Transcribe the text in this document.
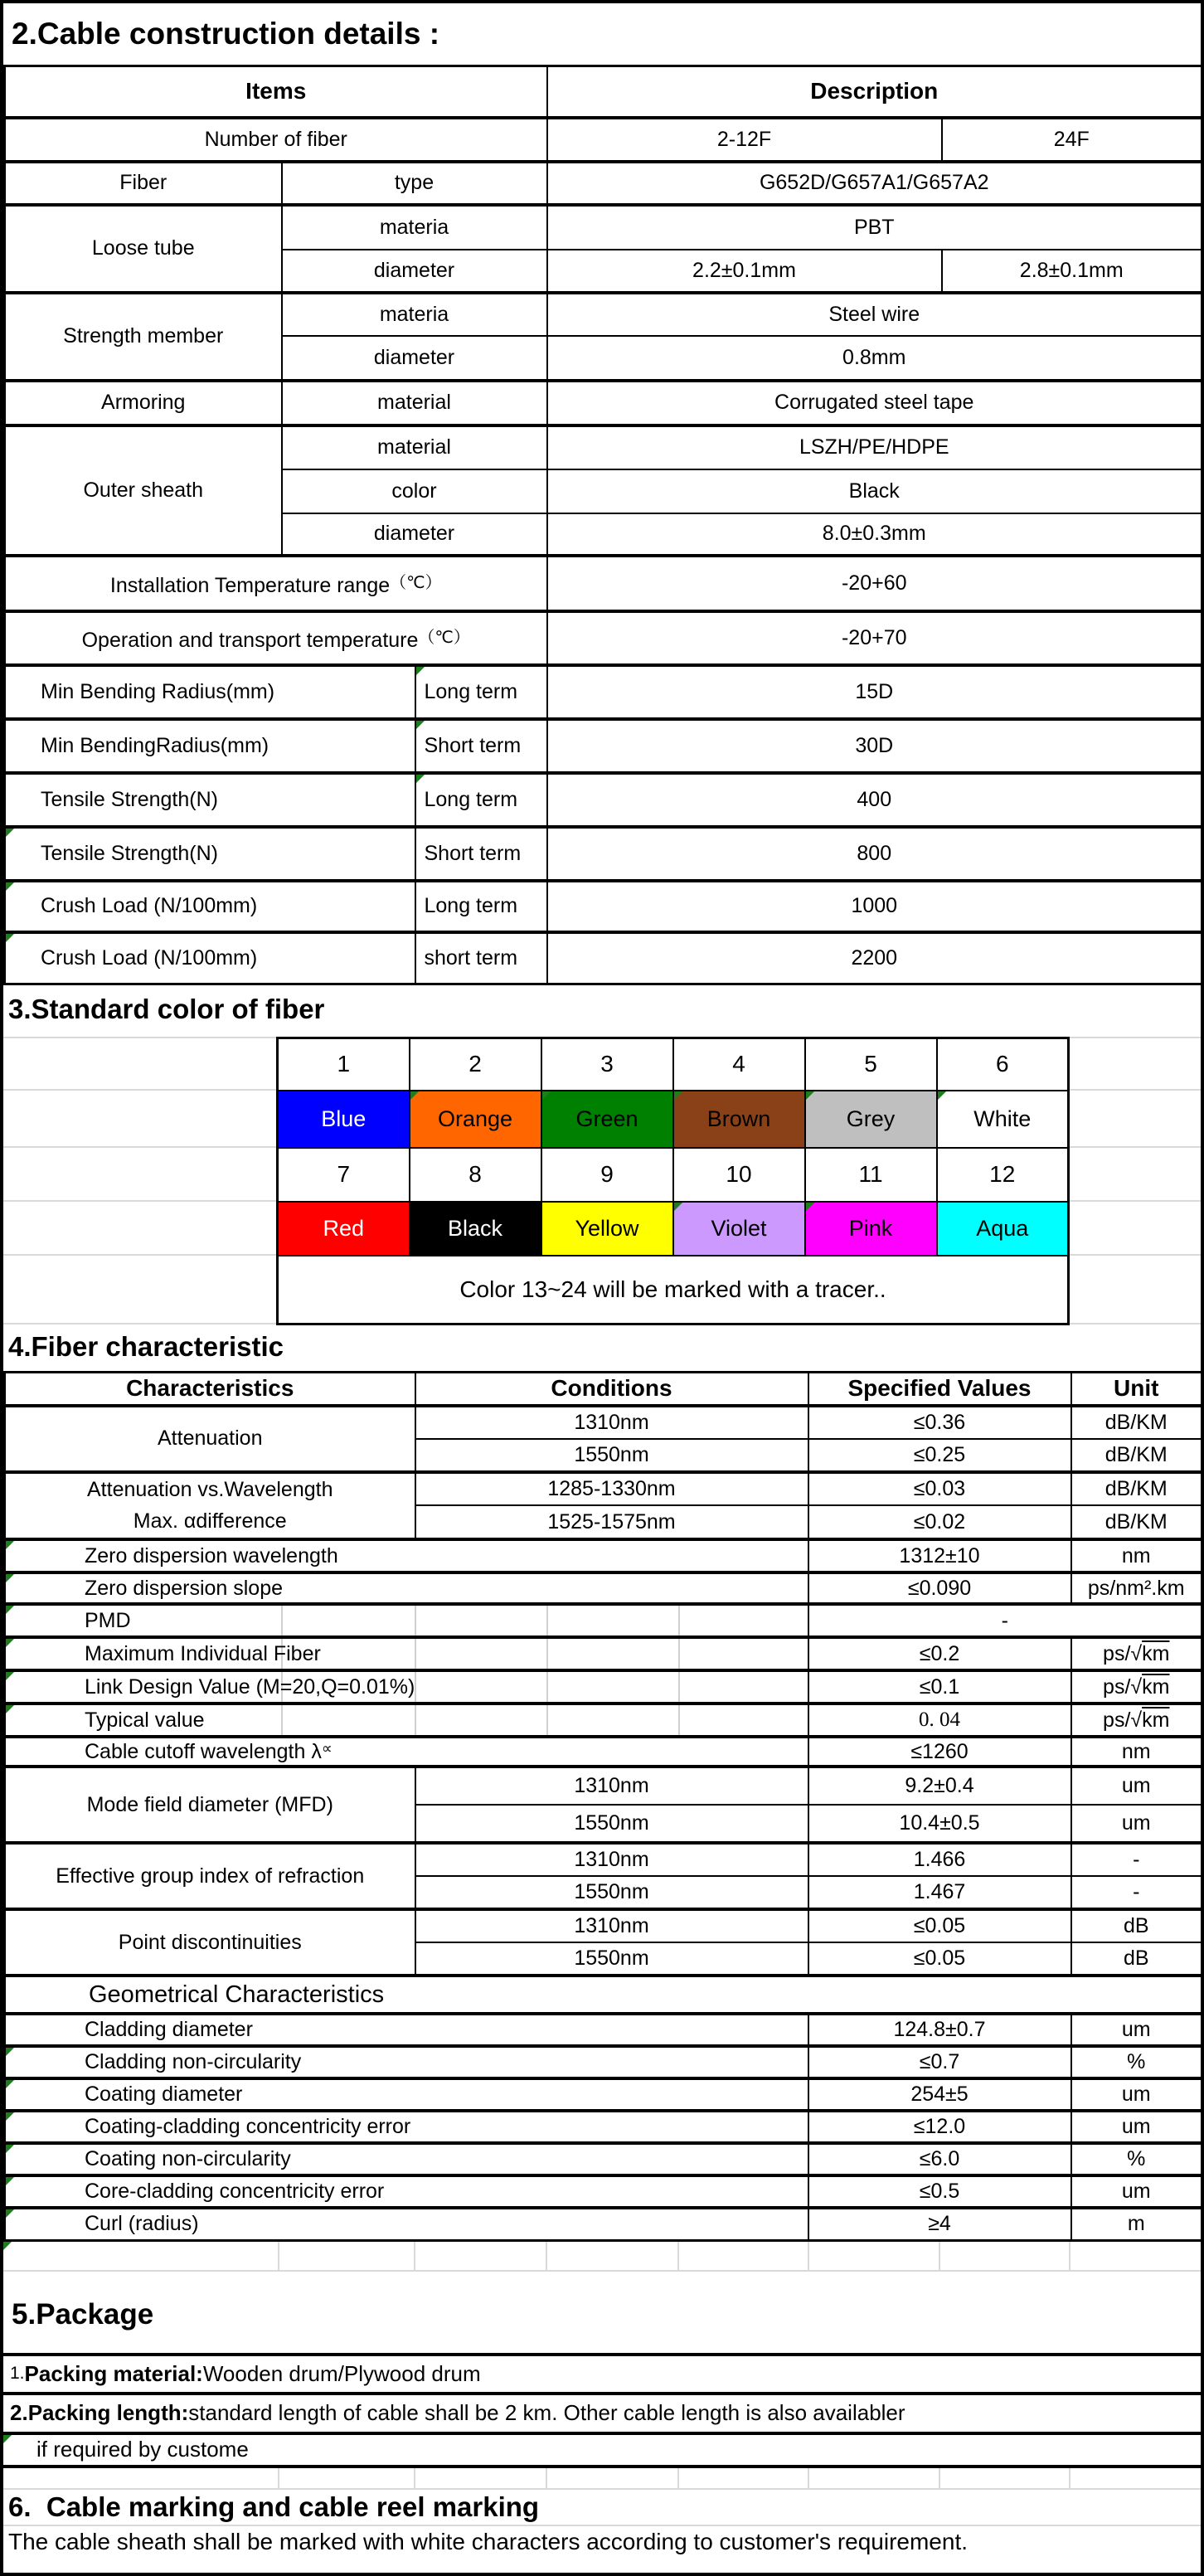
2.Cable construction details :
Items			Description	
Number of fiber			2-12F	24F
Fiber	type		G652D/G657A1/G657A2	
Loose tube	materia		PBT	
	diameter		2.2±0.1mm	2.8±0.1mm
Strength member	materia		Steel wire	
	diameter		0.8mm	
Armoring	material		Corrugated steel tape	
Outer sheath	material		LSZH/PE/HDPE	
	color		Black	
	diameter		8.0±0.3mm	
Installation Temperature range（℃）			-20+60	
Operation and transport temperature（℃）			-20+70	
Min Bending Radius(mm)		Long term	15D	
Min BendingRadius(mm)		Short term	30D	
Tensile Strength(N)		Long term	400	
Tensile Strength(N)		Short term	800	
Crush Load (N/100mm)		Long term	1000	
Crush Load (N/100mm)		short term	2200	
3.Standard color of fiber
1	2	3	4	5	6
Blue	Orange	Green	Brown	Grey	White
7	8	9	10	11	12
Red	Black	Yellow	Violet	Pink	Aqua
Color 13~24 will be marked with a tracer..					
4.Fiber characteristic
Characteristics	Conditions	Specified Values	Unit
Attenuation	1310nm	≤0.36	dB/KM
	1550nm	≤0.25	dB/KM

Attenuation vs.Wavelength
Max. αdifference	1285-1330nm	≤0.03	dB/KM
	1525-1575nm	≤0.02	dB/KM
Zero dispersion wavelength		1312±10	nm
Zero dispersion slope		≤0.090	ps/nm².km
PMD		-	
Maximum Individual Fiber		≤0.2	ps/√km
Link Design Value (M=20,Q=0.01%)		≤0.1	ps/√km
Typical value		0. 04	ps/√km
Cable cutoff wavelength λ∝		≤1260	nm
Mode field diameter (MFD)	1310nm	9.2±0.4	um
	1550nm	10.4±0.5	um
Effective group index of refraction	1310nm	1.466	-
	1550nm	1.467	-
Point discontinuities	1310nm	≤0.05	dB
	1550nm	≤0.05	dB
Geometrical Characteristics			
Cladding diameter		124.8±0.7	um
Cladding non-circularity		≤0.7	%
Coating diameter		254±5	um
Coating-cladding concentricity error		≤12.0	um
Coating non-circularity		≤6.0	%
Core-cladding concentricity error		≤0.5	um
Curl (radius)		≥4	m
5.Package
1. Packing material: Wooden drum/Plywood drum
2. Packing length: standard length of cable shall be 2 km. Other cable length is also availabler
if required by custome
6.  Cable marking and cable reel marking
The cable sheath shall be marked with white characters according to customer's requirement.
